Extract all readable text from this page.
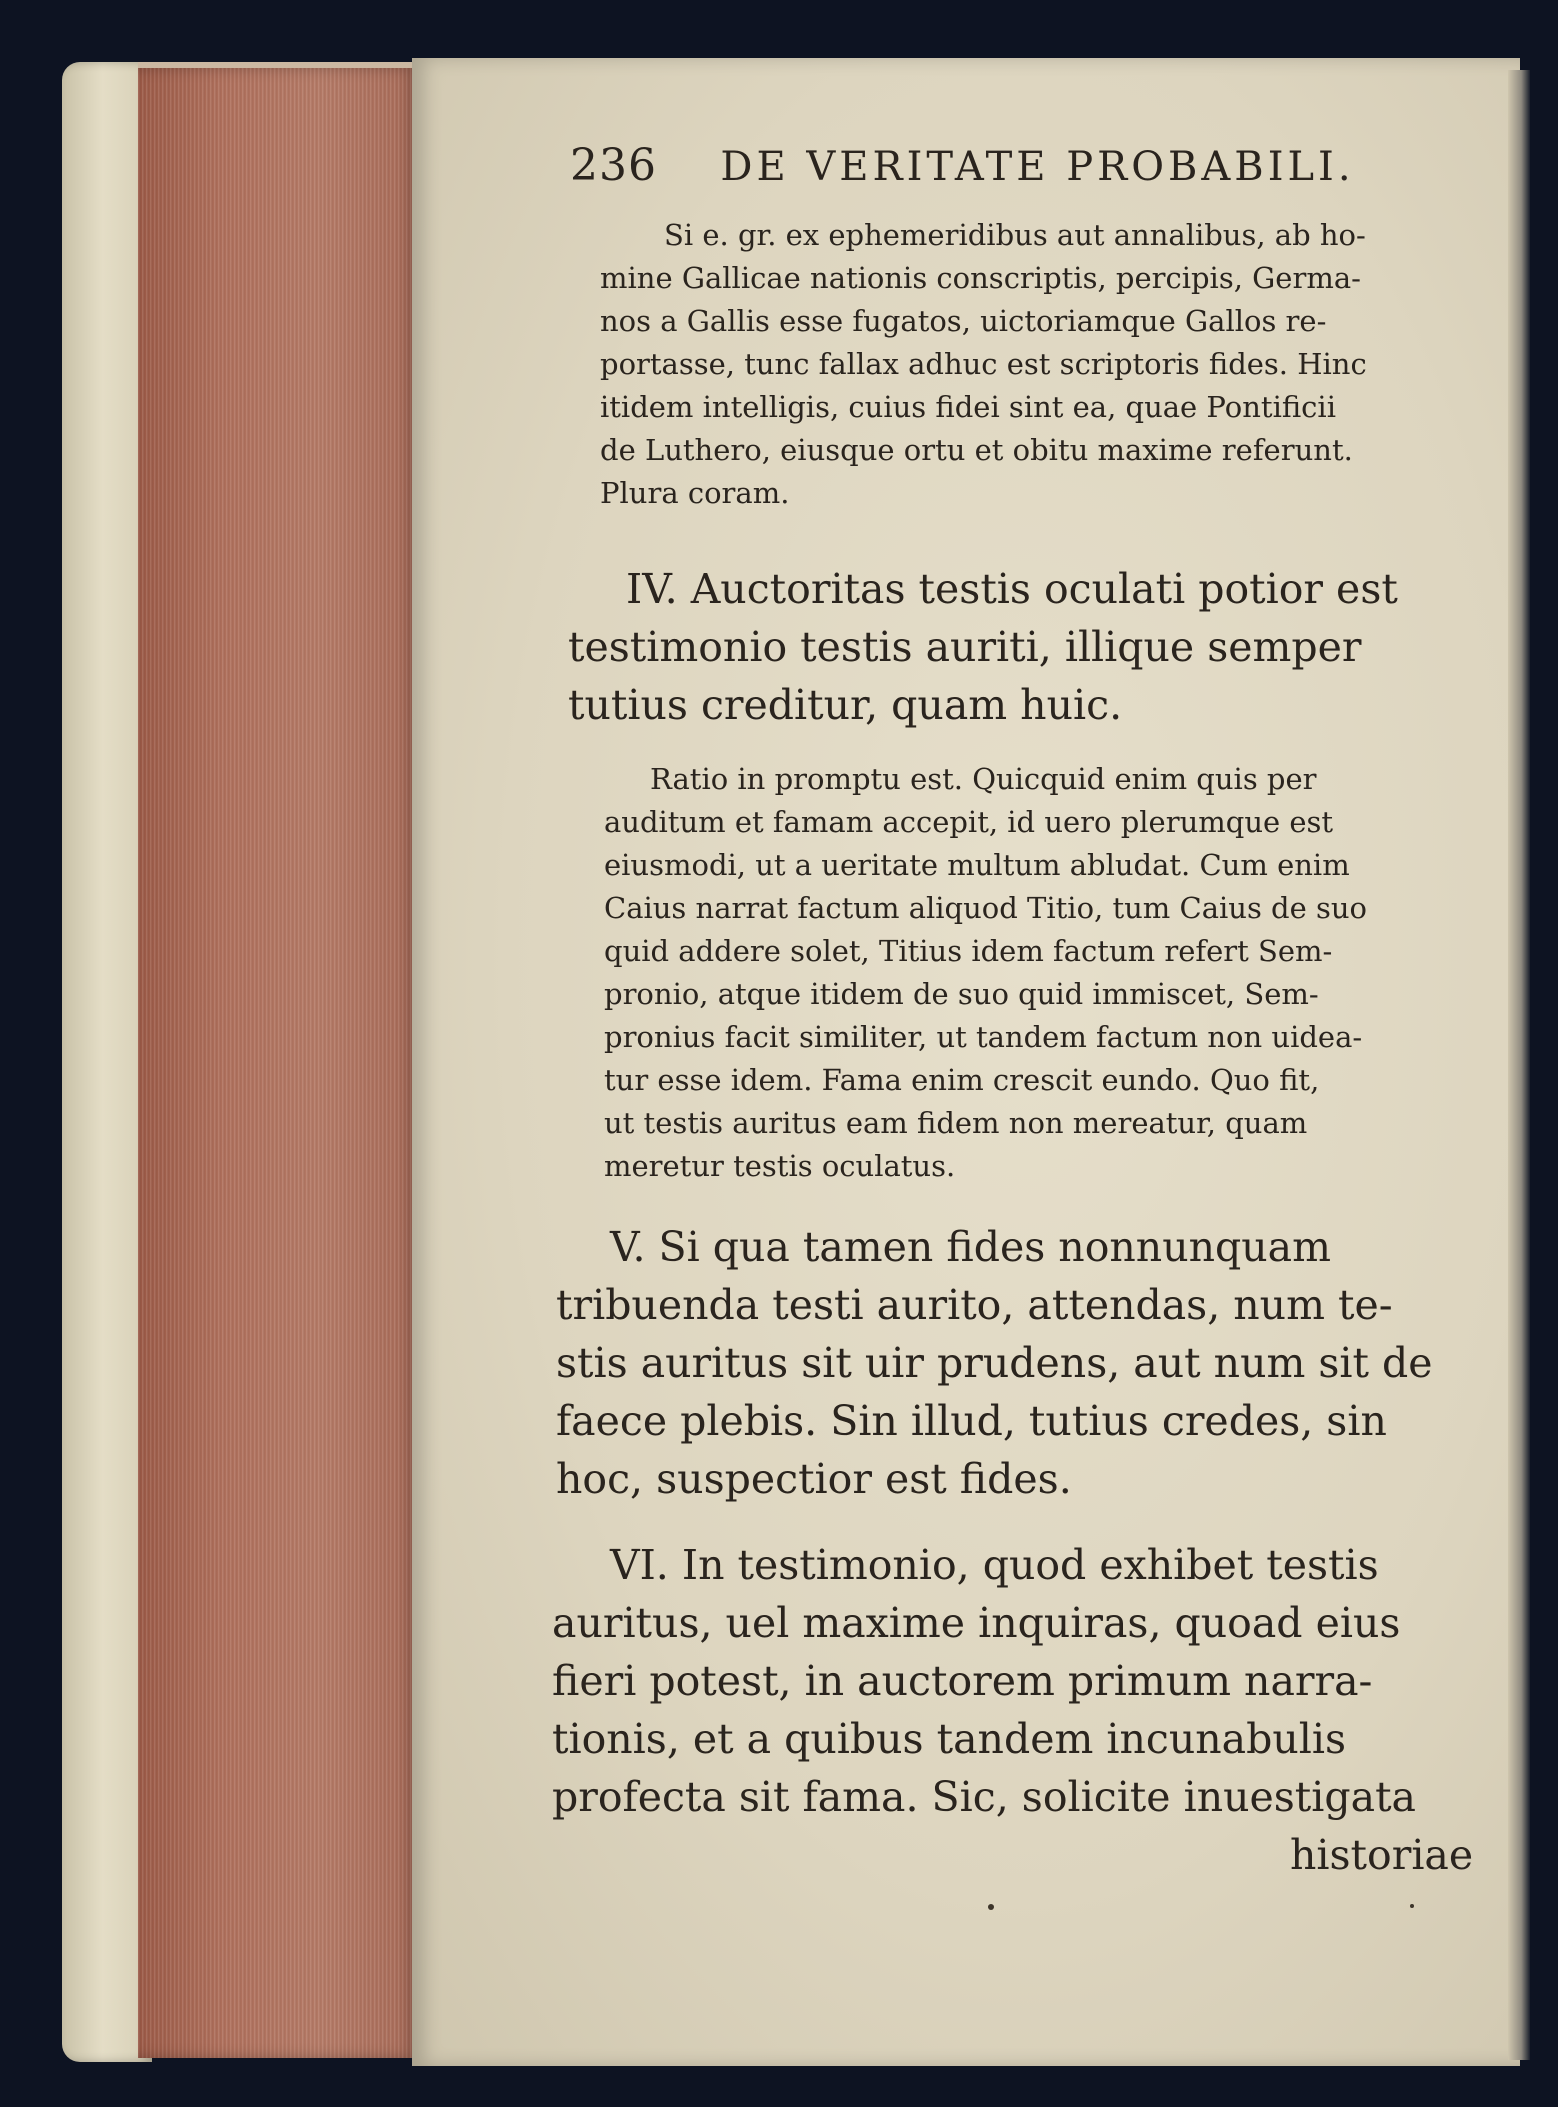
236 DE VERITATE PROBABILI.
Si e. gr. ex ephemeridibus aut annalibus, ab ho-
mine Gallicae nationis conscriptis, percipis, Germa-
nos a Gallis esse fugatos, uictoriamque Gallos re-
portasse, tunc fallax adhuc est scriptoris fides. Hinc
itidem intelligis, cuius fidei sint ea, quae Pontificii
de Luthero, eiusque ortu et obitu maxime referunt.
Plura coram.
IV. Auctoritas testis oculati potior est
testimonio testis auriti, illique semper
tutius creditur, quam huic.
Ratio in promptu est. Quicquid enim quis per
auditum et famam accepit, id uero plerumque est
eiusmodi, ut a ueritate multum abludat. Cum enim
Caius narrat factum aliquod Titio, tum Caius de suo
quid addere solet, Titius idem factum refert Sem-
pronio, atque itidem de suo quid immiscet, Sem-
pronius facit similiter, ut tandem factum non uidea-
tur esse idem. Fama enim crescit eundo. Quo fit,
ut testis auritus eam fidem non mereatur, quam
meretur testis oculatus.
V. Si qua tamen fides nonnunquam
tribuenda testi aurito, attendas, num te-
stis auritus sit uir prudens, aut num sit de
faece plebis. Sin illud, tutius credes, sin
hoc, suspectior est fides.
VI. In testimonio, quod exhibet testis
auritus, uel maxime inquiras, quoad eius
fieri potest, in auctorem primum narra-
tionis, et a quibus tandem incunabulis
profecta sit fama. Sic, solicite inuestigata
historiae
